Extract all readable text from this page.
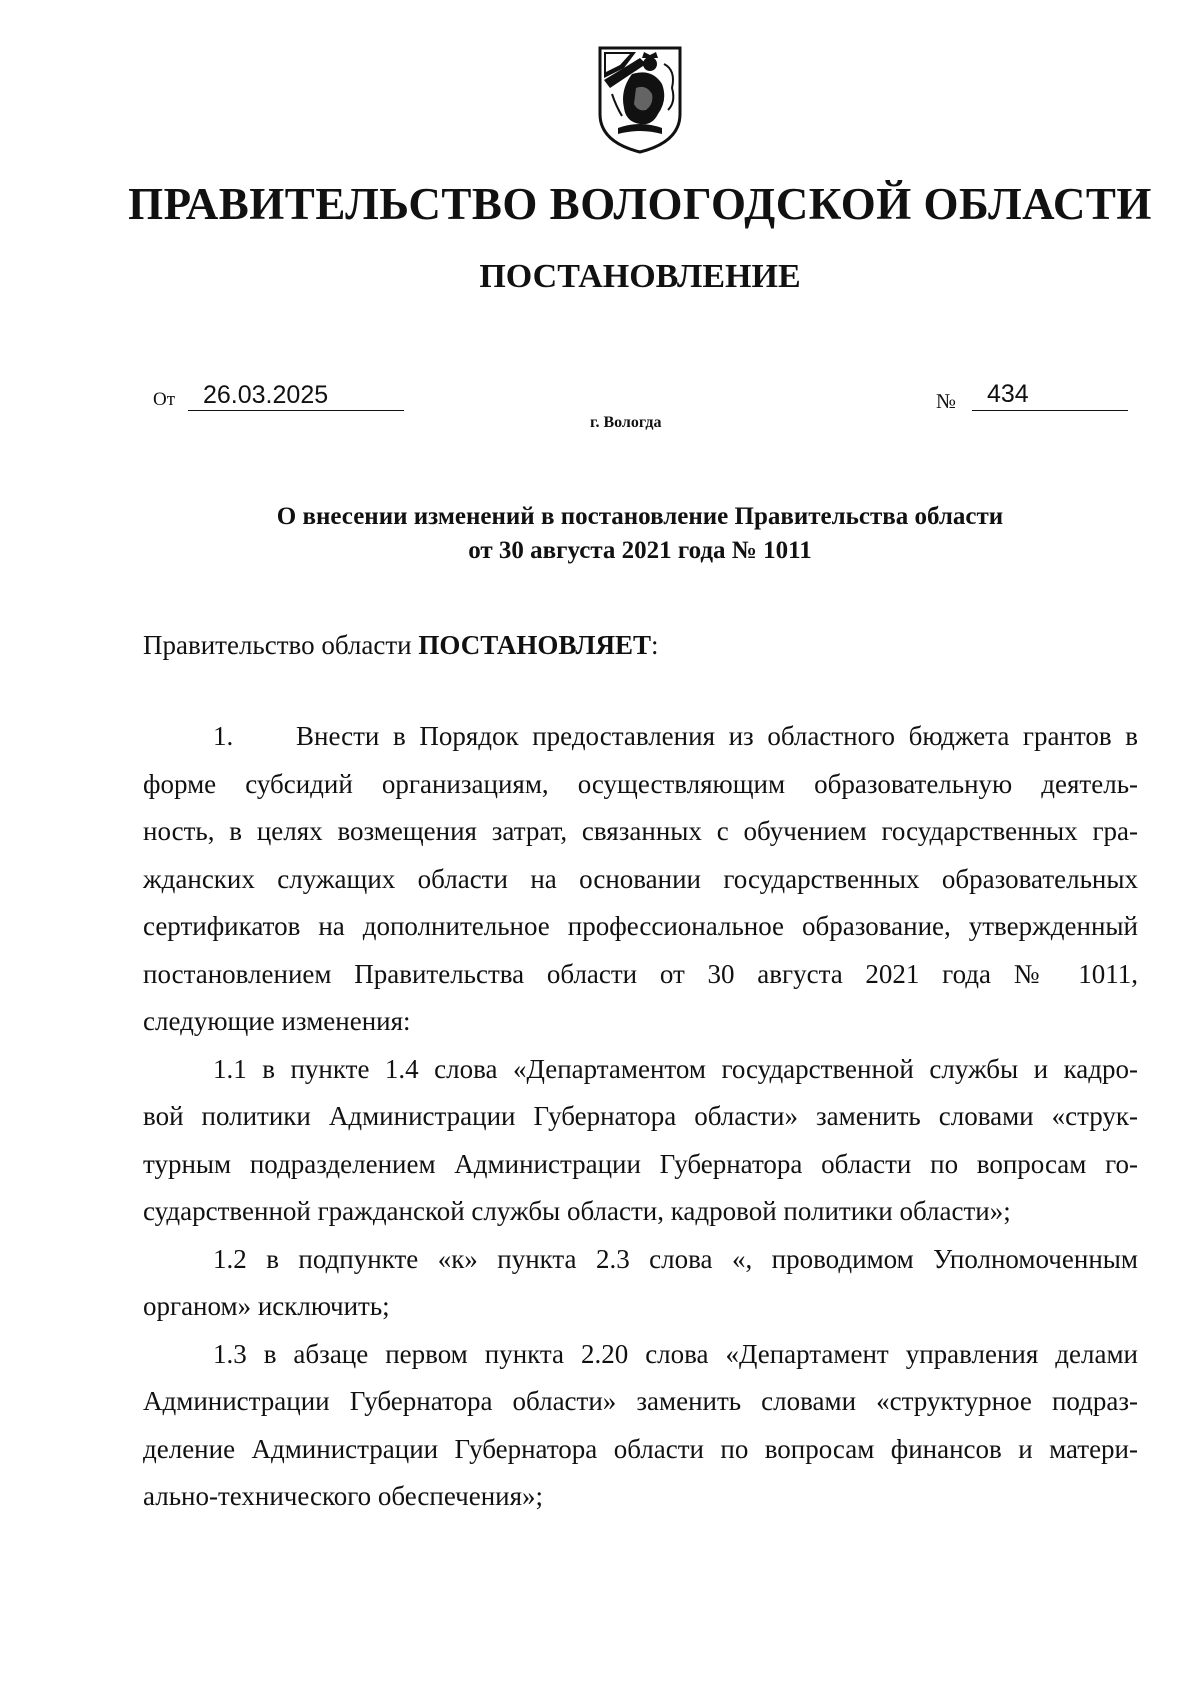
ПРАВИТЕЛЬСТВО ВОЛОГОДСКОЙ ОБЛАСТИ
ПОСТАНОВЛЕНИЕ
От 26.03.2025	№ 434
г. Вологда
О внесении изменений в постановление Правительства области
от 30 августа 2021 года № 1011
Правительство области ПОСТАНОВЛЯЕТ:
1. Внести в Порядок предоставления из областного бюджета грантов в
форме субсидий организациям, осуществляющим образовательную деятель-
ность, в целях возмещения затрат, связанных с обучением государственных гра-
жданских служащих области на основании государственных образовательных
сертификатов на дополнительное профессиональное образование, утвержденный
постановлением Правительства области от 30 августа 2021 года № 1011,
следующие изменения:
1.1 в пункте 1.4 слова «Департаментом государственной службы и кадро-
вой политики Администрации Губернатора области» заменить словами «струк-
турным подразделением Администрации Губернатора области по вопросам го-
сударственной гражданской службы области, кадровой политики области»;
1.2 в подпункте «к» пункта 2.3 слова «, проводимом Уполномоченным
органом» исключить;
1.3 в абзаце первом пункта 2.20 слова «Департамент управления делами
Администрации Губернатора области» заменить словами «структурное подраз-
деление Администрации Губернатора области по вопросам финансов и матери-
ально-технического обеспечения»;
